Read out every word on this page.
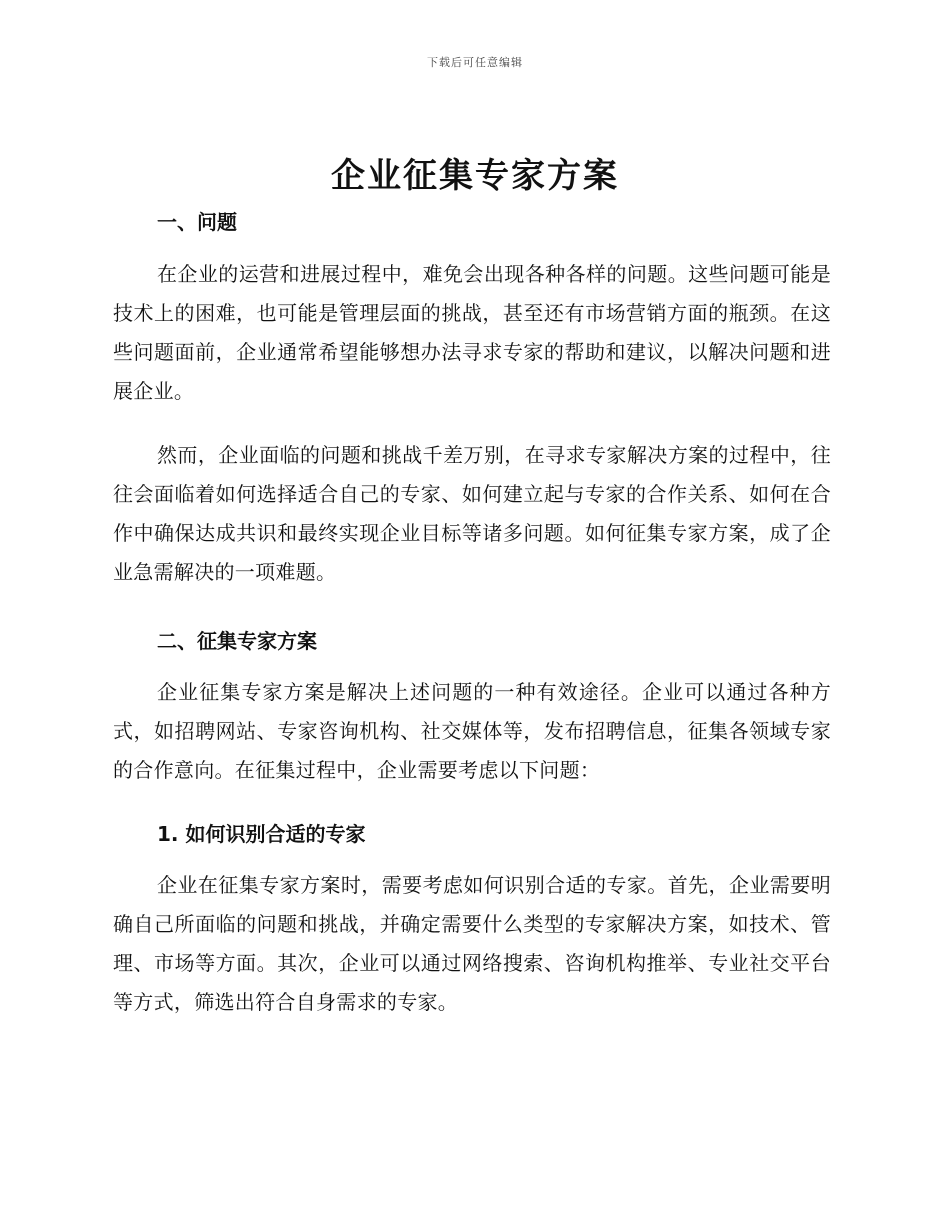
下载后可任意编辑
企业征集专家方案
一、问题

在企业的运营和进展过程中，难免会出现各种各样的问题。这些问题可能是技术上的困难，也可能是管理层面的挑战，甚至还有市场营销方面的瓶颈。在这些问题面前，企业通常希望能够想办法寻求专家的帮助和建议，以解决问题和进展企业。

然而，企业面临的问题和挑战千差万别，在寻求专家解决方案的过程中，往往会面临着如何选择适合自己的专家、如何建立起与专家的合作关系、如何在合作中确保达成共识和最终实现企业目标等诸多问题。如何征集专家方案，成了企业急需解决的一项难题。

二、征集专家方案

企业征集专家方案是解决上述问题的一种有效途径。企业可以通过各种方式，如招聘网站、专家咨询机构、社交媒体等，发布招聘信息，征集各领域专家的合作意向。在征集过程中，企业需要考虑以下问题：

1. 如何识别合适的专家

企业在征集专家方案时，需要考虑如何识别合适的专家。首先，企业需要明确自己所面临的问题和挑战，并确定需要什么类型的专家解决方案，如技术、管理、市场等方面。其次，企业可以通过网络搜索、咨询机构推举、专业社交平台等方式，筛选出符合自身需求的专家。
